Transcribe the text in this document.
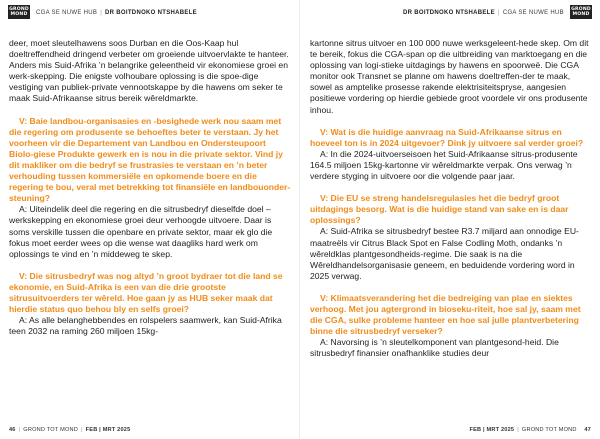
GROND
MOND	CGA SE NUWE HUB | DR BOITDNOKO NTSHABELE

deer, moet sleutelhawens soos Durban en die Oos-Kaap hul doeltreffendheid dringend verbeter om groeiende uitvoervlakte te hanteer. Anders mis Suid-Afrika ’n belangrike geleentheid vir ekonomiese groei en werk-skepping. Die enigste volhoubare oplossing is die spoe-dige vestiging van publiek-private vennootskappe by die hawens om seker te maak Suid-Afrikaanse sitrus bereik wêreldmarkte.

V: Baie landbou-organisasies en -besighede werk nou saam met die regering om produsente se behoeftes beter te verstaan. Jy het voorheen vir die Departement van Landbou en Ondersteupoort Biolo-giese Produkte gewerk en is nou in die private sektor. Vind jy dit makliker om die bedryf se frustrasies te verstaan en ’n beter verhouding tussen kommersiële en opkomende boere en die regering te bou, veral met betrekking tot finansiële en landbouonder-steuning?

A: Uiteindelik deel die regering en die sitrusbedryf dieselfde doel – werkskepping en ekonomiese groei deur verhoogde uitvoere. Daar is soms verskille tussen die openbare en private sektor, maar ek glo die fokus moet eerder wees op die wense wat daagliks hard werk om oplossings te vind en ’n middeweg te skep.

V: Die sitrusbedryf was nog altyd ’n groot bydraer tot die land se ekonomie, en Suid-Afrika is een van die drie grootste sitrusuitvoerders ter wêreld. Hoe gaan jy as HUB seker maak dat hierdie status quo behou bly en selfs groei?

A: As alle belanghebbendes en rolspelers saamwerk, kan Suid-Afrika teen 2032 na raming 260 miljoen 15kg-

46 | GROND TOT MOND | FEB | MRT 2025
DR BOITDNOKO NTSHABELE | CGA SE NUWE HUB
GROND
MOND

kartonne sitrus uitvoer en 100 000 nuwe werksgeleent-hede skep. Om dit te bereik, fokus die CGA-span op die uitbreiding van marktoegang en die oplossing van logi-stieke uitdagings by hawens en spoorweë. Die CGA monitor ook Transnet se planne om hawens doeltreffen-der te maak, sowel as amptelike prosesse rakende elektrisiteitspryse, aangesien positiewe vordering op hierdie gebiede groot voordele vir ons produsente inhou.

V: Wat is die huidige aanvraag na Suid-Afrikaanse sitrus en hoeveel ton is in 2024 uitgevoer? Dink jy uitvoere sal verder groei?

A: In die 2024-uitvoerseisoen het Suid-Afrikaanse sitrus-produsente 164.5 miljoen 15kg-kartonne vir wêreldmarkte verpak. Ons verwag ’n verdere styging in uitvoere oor die volgende paar jaar.

V: Die EU se streng handelsregulasies het die bedryf groot uitdagings besorg. Wat is die huidige stand van sake en is daar oplossings?

A: Suid-Afrika se sitrusbedryf bestee R3.7 miljard aan onnodige EU-maatreëls vir Citrus Black Spot en False Codling Moth, ondanks ’n wêreldklas plantgesondheids-regime. Die saak is na die Wêreldhandelsorganisasie geneem, en beduidende vordering word in 2025 verwag.

V: Klimaatsverandering het die bedreiging van plae en siektes verhoog. Met jou agtergrond in bioseku-riteit, hoe sal jy, saam met die CGA, sulke probleme hanteer en hoe sal julle plantverbetering binne die sitrusbedryf verseker?

A: Navorsing is ’n sleutelkomponent van plantgesond-heid. Die sitrusbedryf finansier onafhanklike studies deur

FEB | MRT 2025 | GROND TOT MOND 47
